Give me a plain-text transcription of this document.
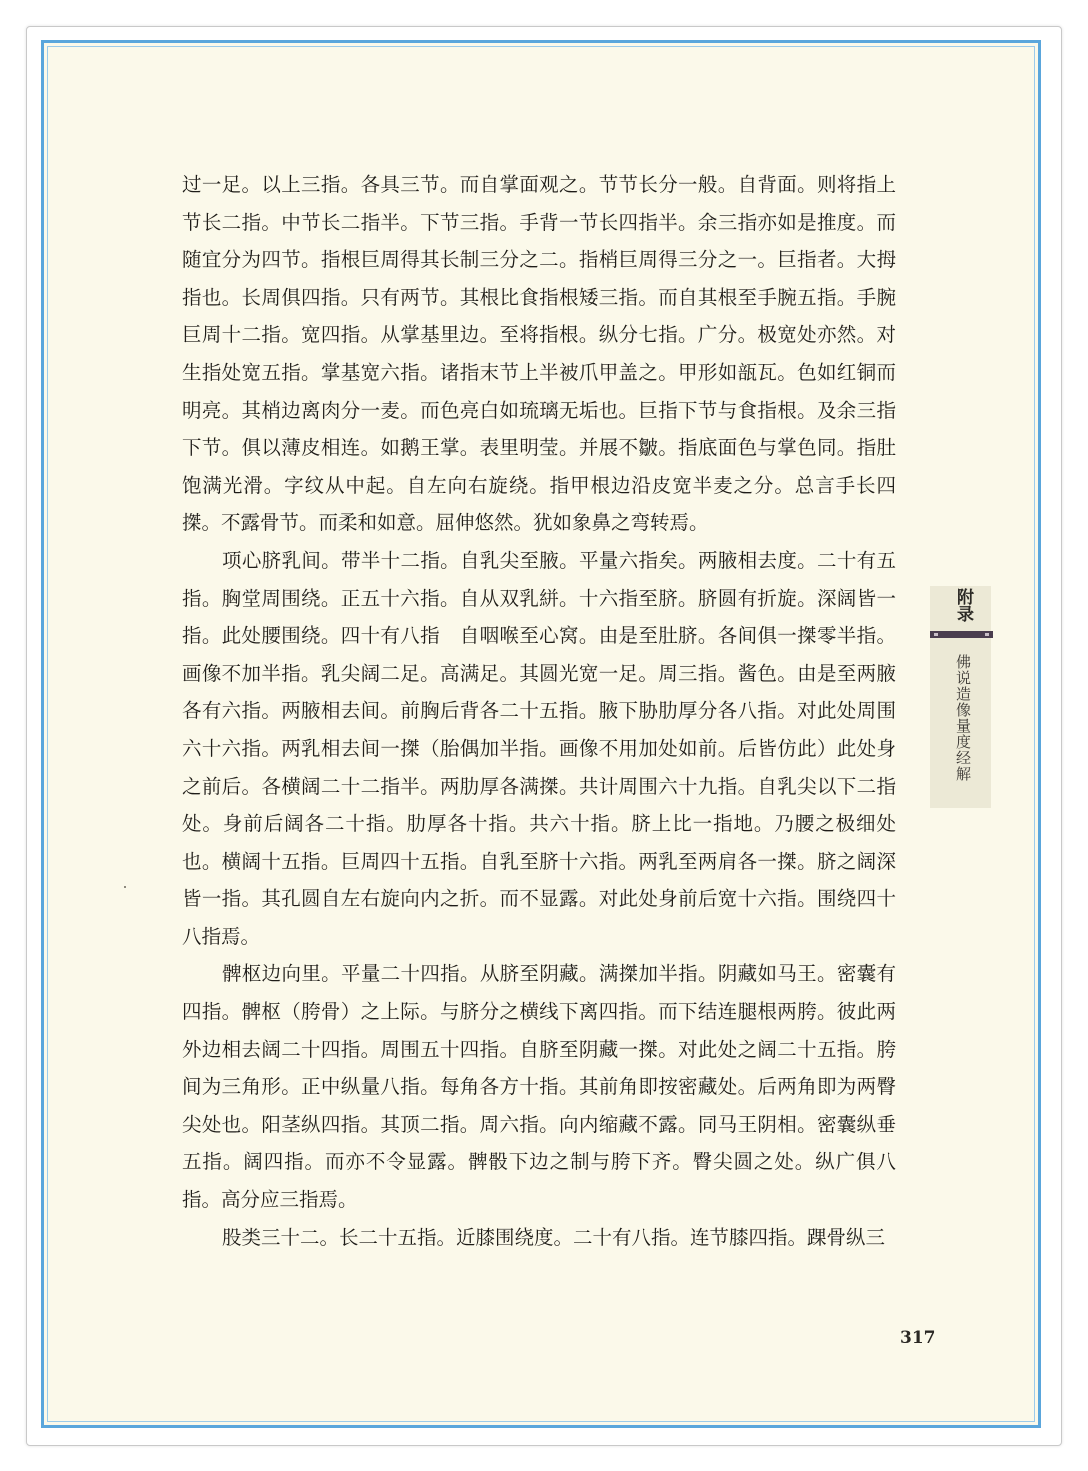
过一足。以上三指。各具三节。而自掌面观之。节节长分一般。自背面。则将指上节长二指。中节长二指半。下节三指。手背一节长四指半。余三指亦如是推度。而随宜分为四节。指根巨周得其长制三分之二。指梢巨周得三分之一。巨指者。大拇指也。长周俱四指。只有两节。其根比食指根矮三指。而自其根至手腕五指。手腕巨周十二指。宽四指。从掌基里边。至将指根。纵分七指。广分。极宽处亦然。对生指处宽五指。掌基宽六指。诸指末节上半被爪甲盖之。甲形如瓿瓦。色如红铜而明亮。其梢边离肉分一麦。而色亮白如琉璃无垢也。巨指下节与食指根。及余三指下节。俱以薄皮相连。如鹅王掌。表里明莹。并展不皺。指底面色与掌色同。指肚饱满光滑。字纹从中起。自左向右旋绕。指甲根边沿皮宽半麦之分。总言手长四搩。不露骨节。而柔和如意。屈伸悠然。犹如象鼻之弯转焉。

项心脐乳间。带半十二指。自乳尖至腋。平量六指矣。两腋相去度。二十有五指。胸堂周围绕。正五十六指。自从双乳絣。十六指至脐。脐圆有折旋。深阔皆一指。此处腰围绕。四十有八指　自咽喉至心窝。由是至肚脐。各间俱一搩零半指。画像不加半指。乳尖阔二足。高满足。其圆光宽一足。周三指。酱色。由是至两腋各有六指。两腋相去间。前胸后背各二十五指。腋下胁肋厚分各八指。对此处周围六十六指。两乳相去间一搩（胎偶加半指。画像不用加处如前。后皆仿此）此处身之前后。各横阔二十二指半。两肋厚各满搩。共计周围六十九指。自乳尖以下二指处。身前后阔各二十指。肋厚各十指。共六十指。脐上比一指地。乃腰之极细处也。横阔十五指。巨周四十五指。自乳至脐十六指。两乳至两肩各一搩。脐之阔深皆一指。其孔圆自左右旋向内之折。而不显露。对此处身前后宽十六指。围绕四十八指焉。

髀枢边向里。平量二十四指。从脐至阴藏。满搩加半指。阴藏如马王。密囊有四指。髀枢（胯骨）之上际。与脐分之横线下离四指。而下结连腿根两胯。彼此两外边相去阔二十四指。周围五十四指。自脐至阴藏一搩。对此处之阔二十五指。胯间为三角形。正中纵量八指。每角各方十指。其前角即按密藏处。后两角即为两臀尖处也。阳茎纵四指。其顶二指。周六指。向内缩藏不露。同马王阴相。密囊纵垂五指。阔四指。而亦不令显露。髀骰下边之制与胯下齐。臀尖圆之处。纵广俱八指。高分应三指焉。

股类三十二。长二十五指。近膝围绕度。二十有八指。连节膝四指。踝骨纵三

附录
佛说造像量度经解
317
